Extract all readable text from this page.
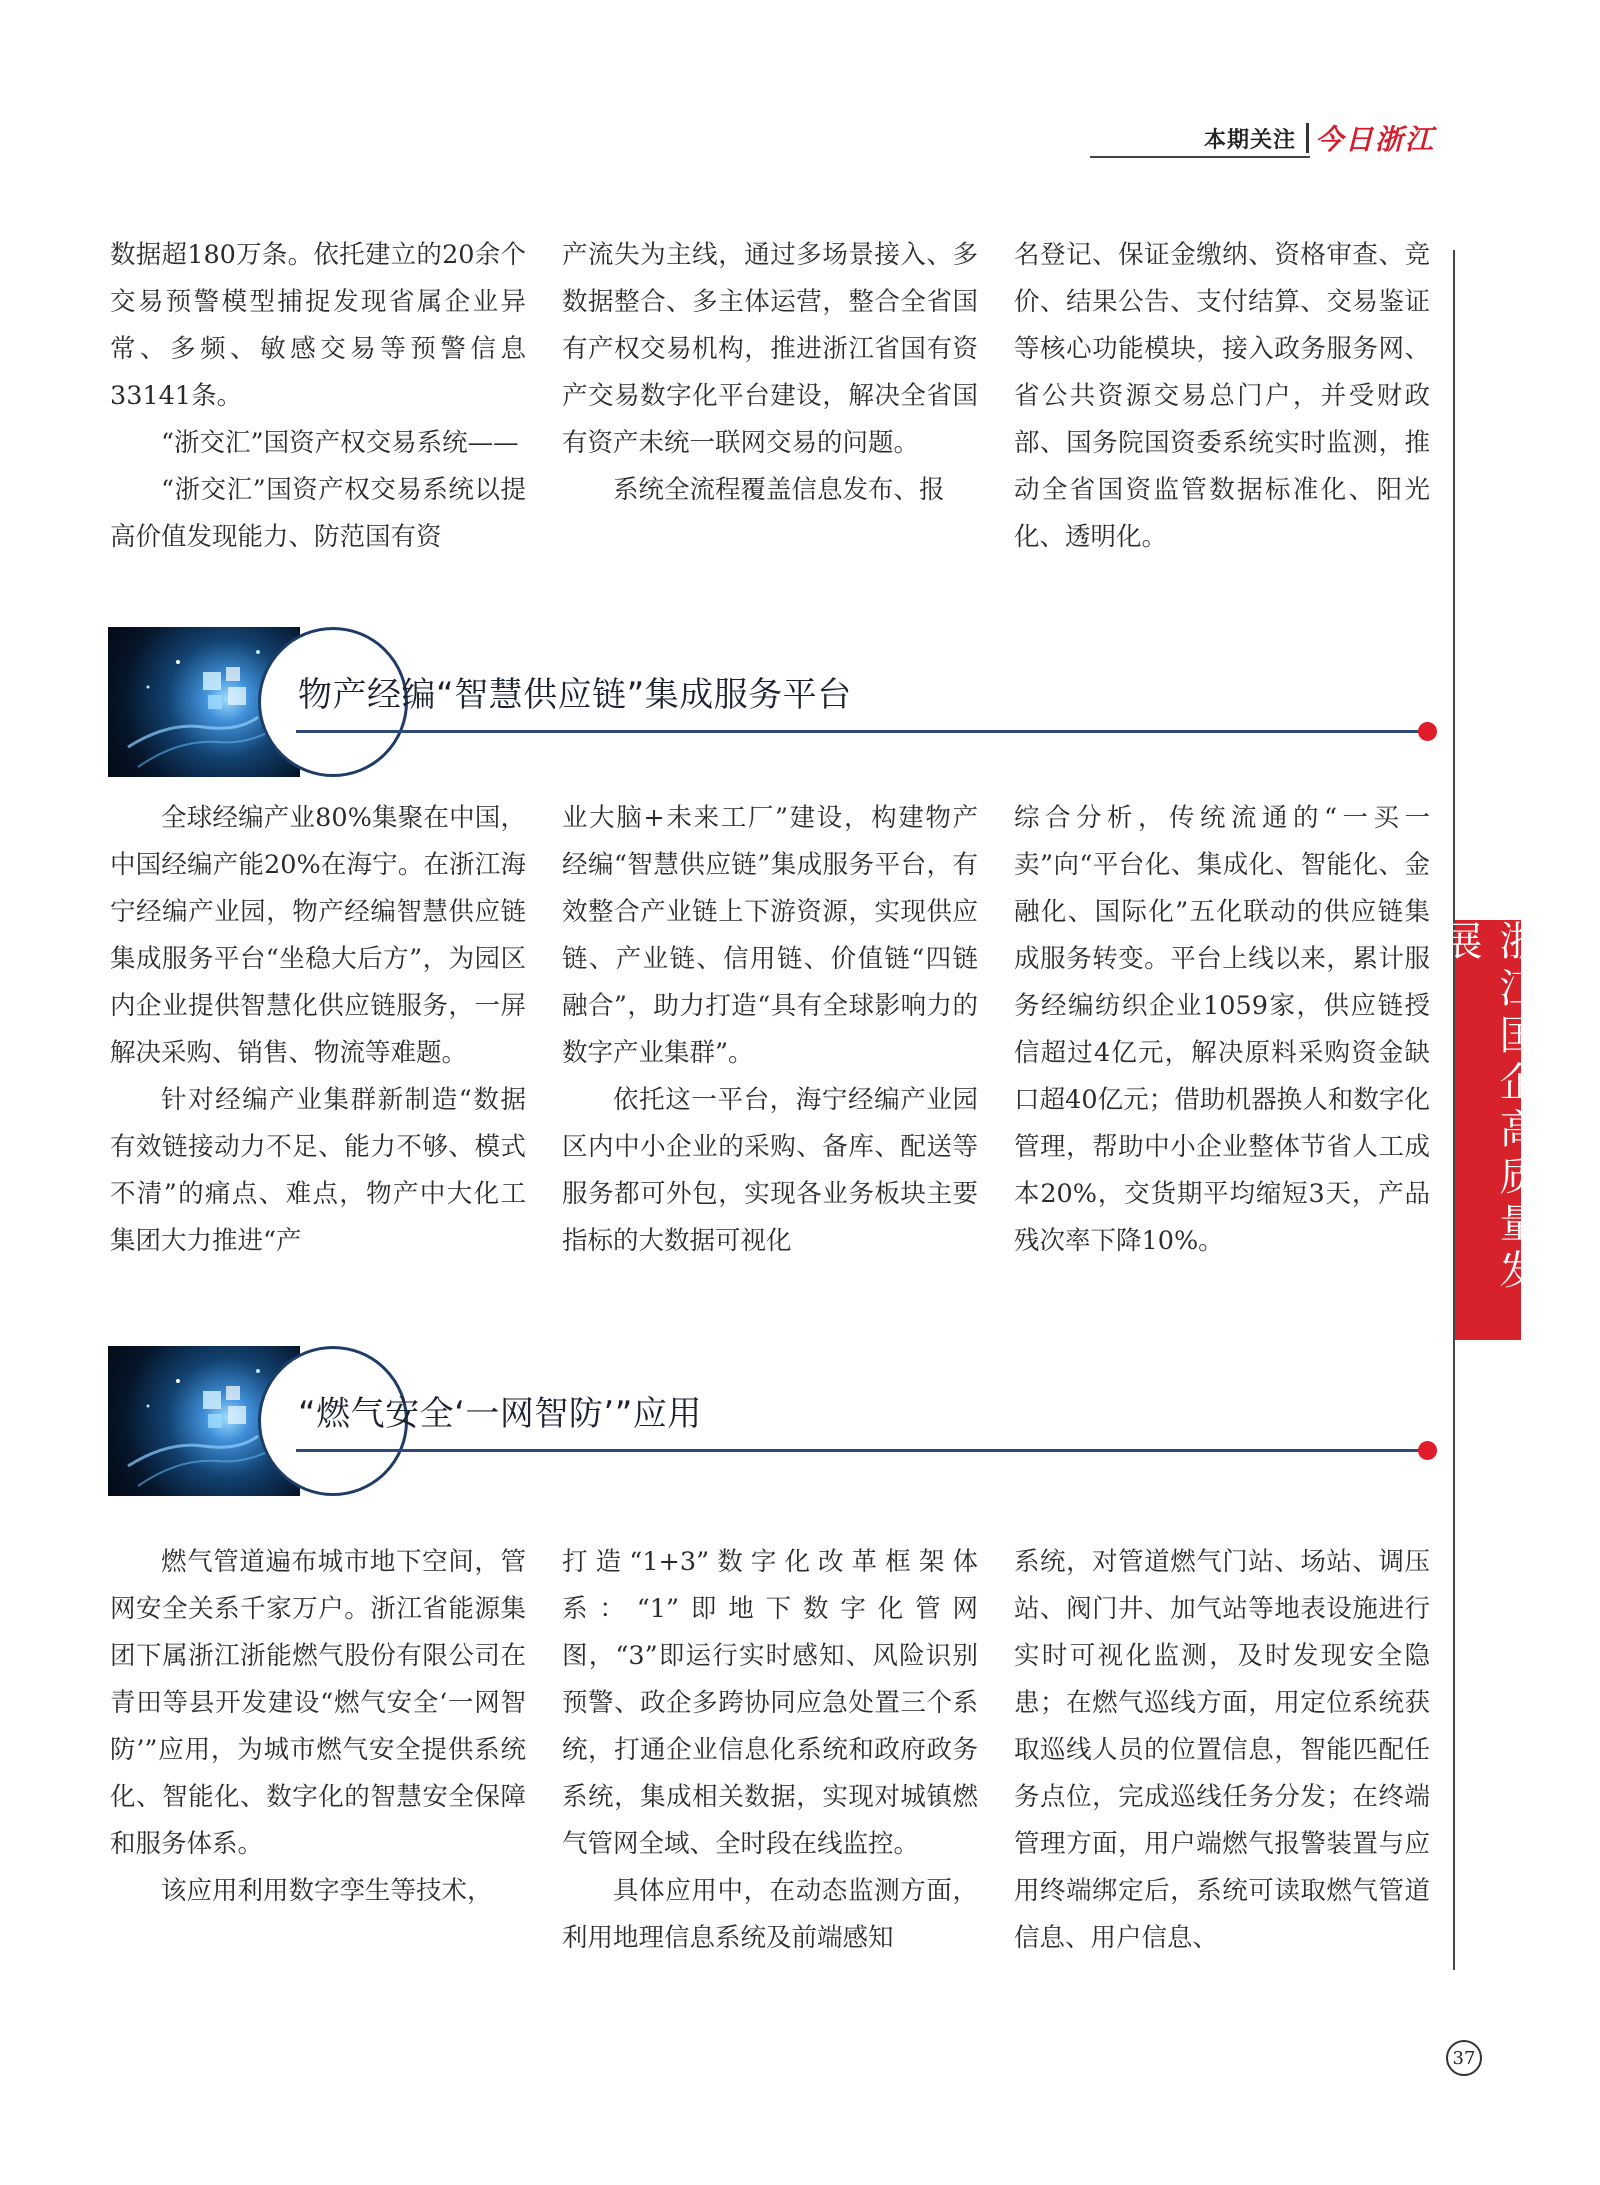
本期关注 今日浙江
浙江国企高质量发展

数据超180万条。依托建立的20余个交易预警模型捕捉发现省属企业异常、多频、敏感交易等预警信息33141条。

“浙交汇”国资产权交易系统——

“浙交汇”国资产权交易系统以提高价值发现能力、防范国有资

产流失为主线，通过多场景接入、多数据整合、多主体运营，整合全省国有产权交易机构，推进浙江省国有资产交易数字化平台建设，解决全省国有资产未统一联网交易的问题。

系统全流程覆盖信息发布、报

名登记、保证金缴纳、资格审查、竞价、结果公告、支付结算、交易鉴证等核心功能模块，接入政务服务网、省公共资源交易总门户，并受财政部、国务院国资委系统实时监测，推动全省国资监管数据标准化、阳光化、透明化。

物产经编“智慧供应链”集成服务平台

全球经编产业80%集聚在中国，中国经编产能20%在海宁。在浙江海宁经编产业园，物产经编智慧供应链集成服务平台“坐稳大后方”，为园区内企业提供智慧化供应链服务，一屏解决采购、销售、物流等难题。

针对经编产业集群新制造“数据有效链接动力不足、能力不够、模式不清”的痛点、难点，物产中大化工集团大力推进“产

业大脑+未来工厂”建设，构建物产经编“智慧供应链”集成服务平台，有效整合产业链上下游资源，实现供应链、产业链、信用链、价值链“四链融合”，助力打造“具有全球影响力的数字产业集群”。

依托这一平台，海宁经编产业园区内中小企业的采购、备库、配送等服务都可外包，实现各业务板块主要指标的大数据可视化

综合分析，传统流通的“一买一卖”向“平台化、集成化、智能化、金融化、国际化”五化联动的供应链集成服务转变。平台上线以来，累计服务经编纺织企业1059家，供应链授信超过4亿元，解决原料采购资金缺口超40亿元；借助机器换人和数字化管理，帮助中小企业整体节省人工成本20%，交货期平均缩短3天，产品残次率下降10%。

“燃气安全‘一网智防’”应用

燃气管道遍布城市地下空间，管网安全关系千家万户。浙江省能源集团下属浙江浙能燃气股份有限公司在青田等县开发建设“燃气安全‘一网智防’”应用，为城市燃气安全提供系统化、智能化、数字化的智慧安全保障和服务体系。

该应用利用数字孪生等技术，

打造“1+3”数字化改革框架体系：“1”即地下数字化管网图，“3”即运行实时感知、风险识别预警、政企多跨协同应急处置三个系统，打通企业信息化系统和政府政务系统，集成相关数据，实现对城镇燃气管网全域、全时段在线监控。

具体应用中，在动态监测方面，利用地理信息系统及前端感知

系统，对管道燃气门站、场站、调压站、阀门井、加气站等地表设施进行实时可视化监测，及时发现安全隐患；在燃气巡线方面，用定位系统获取巡线人员的位置信息，智能匹配任务点位，完成巡线任务分发；在终端管理方面，用户端燃气报警装置与应用终端绑定后，系统可读取燃气管道信息、用户信息、

37
